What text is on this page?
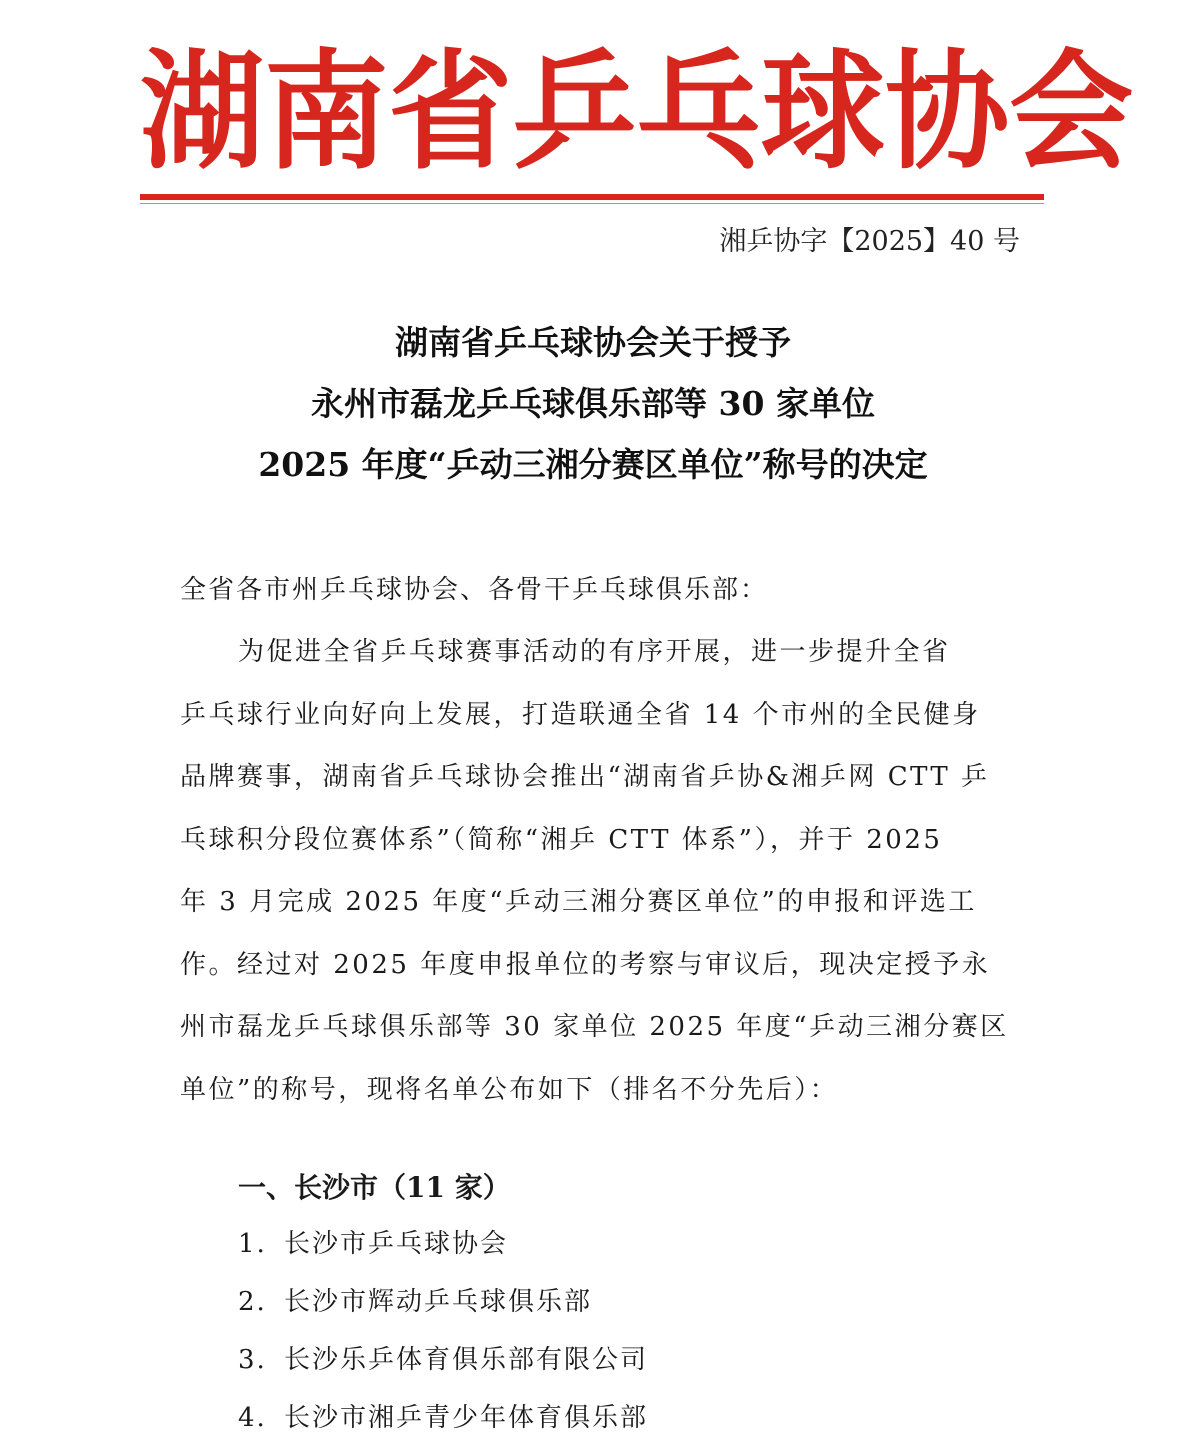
湖南省乒乓球协会
湘乒协字【2025】40 号
湖南省乒乓球协会关于授予
永州市磊龙乒乓球俱乐部等 30 家单位
2025 年度“乒动三湘分赛区单位”称号的决定
全省各市州乒乓球协会、各骨干乒乓球俱乐部：
为促进全省乒乓球赛事活动的有序开展，进一步提升全省
乒乓球行业向好向上发展，打造联通全省 14 个市州的全民健身
品牌赛事，湖南省乒乓球协会推出“湖南省乒协&湘乒网 CTT 乒
乓球积分段位赛体系”（简称“湘乒 CTT 体系”），并于 2025
年 3 月完成 2025 年度“乒动三湘分赛区单位”的申报和评选工
作。经过对 2025 年度申报单位的考察与审议后，现决定授予永
州市磊龙乒乓球俱乐部等 30 家单位 2025 年度“乒动三湘分赛区
单位”的称号，现将名单公布如下（排名不分先后）：
一、长沙市（11 家）
1. 长沙市乒乓球协会
2. 长沙市辉动乒乓球俱乐部
3. 长沙乐乒体育俱乐部有限公司
4. 长沙市湘乒青少年体育俱乐部
